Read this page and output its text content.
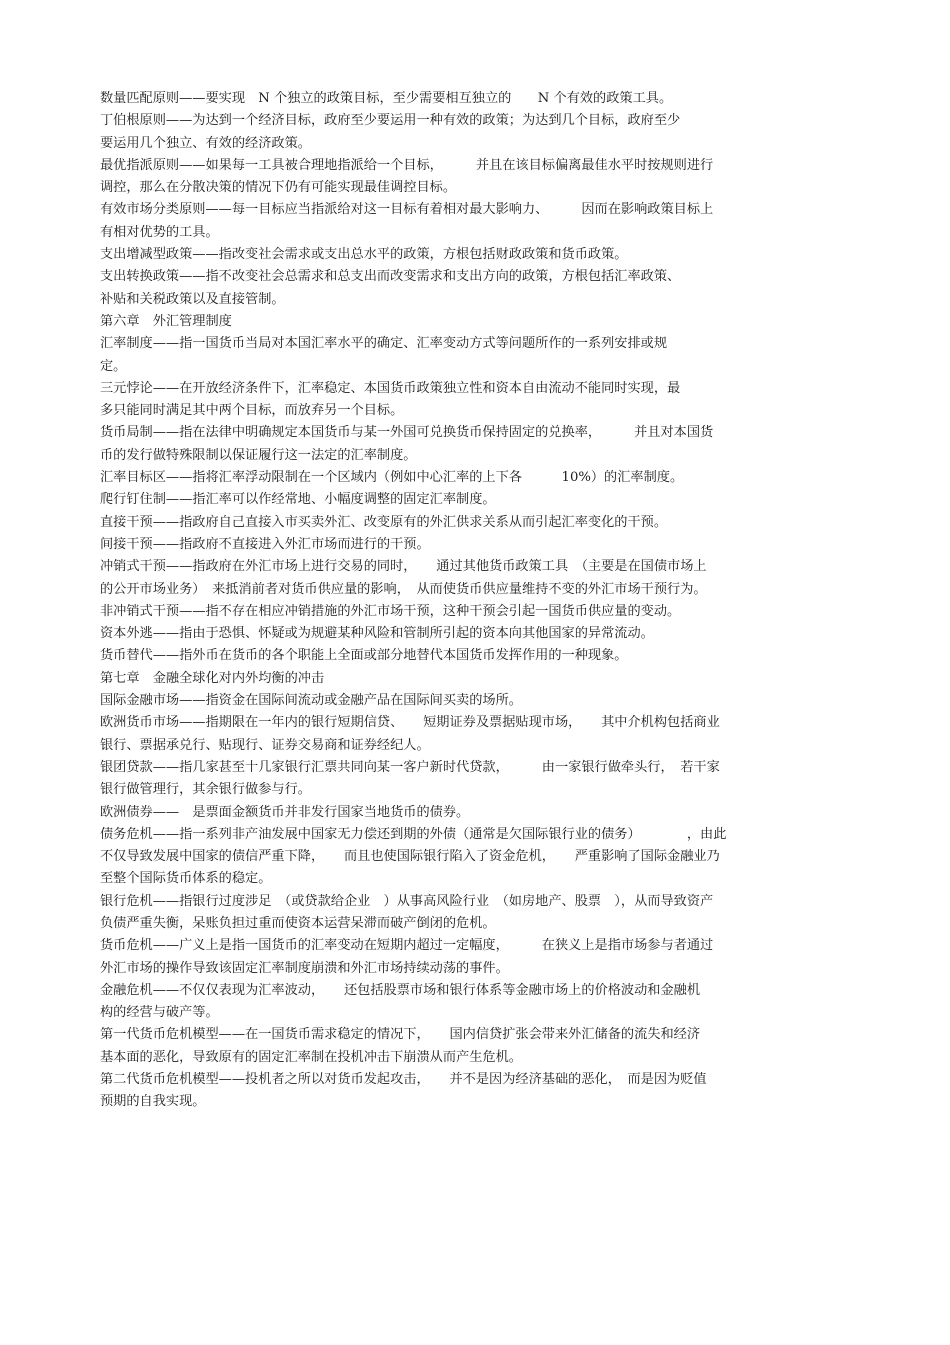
数量匹配原则——要实现　N 个独立的政策目标，至少需要相互独立的　　N 个有效的政策工具。
丁伯根原则——为达到一个经济目标，政府至少要运用一种有效的政策；为达到几个目标，政府至少
要运用几个独立、有效的经济政策。
最优指派原则——如果每一工具被合理地指派给一个目标，　　　并且在该目标偏离最佳水平时按规则进行
调控，那么在分散决策的情况下仍有可能实现最佳调控目标。
有效市场分类原则——每一目标应当指派给对这一目标有着相对最大影响力、　　　因而在影响政策目标上
有相对优势的工具。
支出增减型政策——指改变社会需求或支出总水平的政策，方根包括财政政策和货币政策。
支出转换政策——指不改变社会总需求和总支出而改变需求和支出方向的政策，方根包括汇率政策、
补贴和关税政策以及直接管制。
第六章　外汇管理制度
汇率制度——指一国货币当局对本国汇率水平的确定、汇率变动方式等问题所作的一系列安排或规
定。
三元悖论——在开放经济条件下，汇率稳定、本国货币政策独立性和资本自由流动不能同时实现，最
多只能同时满足其中两个目标，而放弃另一个目标。
货币局制——指在法律中明确规定本国货币与某一外国可兑换货币保持固定的兑换率，　　　并且对本国货
币的发行做特殊限制以保证履行这一法定的汇率制度。
汇率目标区——指将汇率浮动限制在一个区域内（例如中心汇率的上下各　　　10%）的汇率制度。
爬行钉住制——指汇率可以作经常地、小幅度调整的固定汇率制度。
直接干预——指政府自己直接入市买卖外汇、改变原有的外汇供求关系从而引起汇率变化的干预。
间接干预——指政府不直接进入外汇市场而进行的干预。
冲销式干预——指政府在外汇市场上进行交易的同时，　　通过其他货币政策工具　（主要是在国债市场上
的公开市场业务）　来抵消前者对货币供应量的影响，　从而使货币供应量维持不变的外汇市场干预行为。
非冲销式干预——指不存在相应冲销措施的外汇市场干预，这种干预会引起一国货币供应量的变动。
资本外逃——指由于恐惧、怀疑或为规避某种风险和管制所引起的资本向其他国家的异常流动。
货币替代——指外币在货币的各个职能上全面或部分地替代本国货币发挥作用的一种现象。
第七章　金融全球化对内外均衡的冲击
国际金融市场——指资金在国际间流动或金融产品在国际间买卖的场所。
欧洲货币市场——指期限在一年内的银行短期信贷、　　短期证券及票据贴现市场，　　其中介机构包括商业
银行、票据承兑行、贴现行、证券交易商和证券经纪人。
银团贷款——指几家甚至十几家银行汇票共同向某一客户新时代贷款，　　　由一家银行做牵头行，　若干家
银行做管理行，其余银行做参与行。
欧洲债券——　是票面金额货币并非发行国家当地货币的债券。
债务危机——指一系列非产油发展中国家无力偿还到期的外债（通常是欠国际银行业的债务）　　　　，由此
不仅导致发展中国家的债信严重下降，　　而且也使国际银行陷入了资金危机，　　严重影响了国际金融业乃
至整个国际货币体系的稳定。
银行危机——指银行过度涉足　（或贷款给企业　）从事高风险行业　（如房地产、股票　），从而导致资产
负债严重失衡，呆账负担过重而使资本运营呆滞而破产倒闭的危机。
货币危机——广义上是指一国货币的汇率变动在短期内超过一定幅度，　　　在狭义上是指市场参与者通过
外汇市场的操作导致该固定汇率制度崩溃和外汇市场持续动荡的事件。
金融危机——不仅仅表现为汇率波动，　　还包括股票市场和银行体系等金融市场上的价格波动和金融机
构的经营与破产等。
第一代货币危机模型——在一国货币需求稳定的情况下，　　国内信贷扩张会带来外汇储备的流失和经济
基本面的恶化，导致原有的固定汇率制在投机冲击下崩溃从而产生危机。
第二代货币危机模型——投机者之所以对货币发起攻击，　　并不是因为经济基础的恶化，　而是因为贬值
预期的自我实现。
